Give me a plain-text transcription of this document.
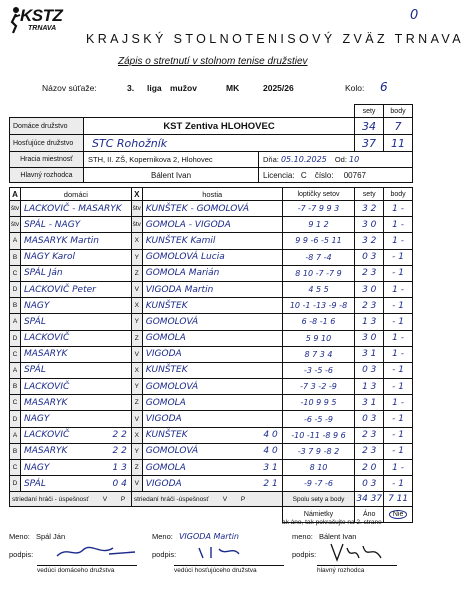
KSTZ
TRNAVA
0
KRAJSKÝ STOLNOTENISOVÝ ZVÄZ TRNAVA
Zápis o stretnutí v stolnom tenise družstiev
Názov súťaže:	3. liga mužov	MK	2025/26	Kolo: 6
			sety	body
Domáce družstvo	KST Zentiva HLOHOVEC		34	7
Hosťujúce družstvo	STC Rohožník		37	11
Hracia miestnosť	STH, II. ZŠ, Kopernikova 2, Hlohovec	Dňa: 05.10.2025 Od: 10		
Hlavný rozhodca	Bálent Ivan	Licencia: C číslo: 00767		
A	domáci	X	hostia	loptičky setov	sety	body
štv	LACKOVIČ - MASARYK	štv	KUNŠTEK - GOMOLOVÁ	-7 -7 9 9 3	3 2	1 -
štv	SPÁL - NAGY	štv	GOMOLA - VIGODA	9 1 2	3 0	1 -
A	MASARYK Martin	X	KUNŠTEK Kamil	9 9 -6 -5 11	3 2	1 -
B	NAGY Karol	Y	GOMOLOVÁ Lucia	-8 7 -4	0 3	- 1
C	SPÁL Ján	Z	GOMOLA Marián	8 10 -7 -7 9	2 3	- 1
D	LACKOVIČ Peter	V	VIGODA Martin	4 5 5	3 0	1 -
B	NAGY	X	KUNŠTEK	10 -1 -13 -9 -8	2 3	- 1
A	SPÁL	Y	GOMOLOVÁ	6 -8 -1 6	1 3	- 1
D	LACKOVIČ	Z	GOMOLA	5 9 10	3 0	1 -
C	MASARYK	V	VIGODA	8 7 3 4	3 1	1 -
A	SPÁL	X	KUNŠTEK	-3 -5 -6	0 3	- 1
B	LACKOVIČ	Y	GOMOLOVÁ	-7 3 -2 -9	1 3	- 1
C	MASARYK	Z	GOMOLA	-10 9 9 5	3 1	1 -
D	NAGY	V	VIGODA	-6 -5 -9	0 3	- 1
A	LACKOVIČ 2 2	X	KUNŠTEK 4 0	-10 -11 -8 9 6	2 3	- 1
B	MASARYK 2 2	Y	GOMOLOVÁ 4 0	-3 7 9 -8 2	2 3	- 1
C	NAGY 1 3	Z	GOMOLA 3 1	8 10	2 0	1 -
D	SPÁL 0 4	V	VIGODA 2 1	-9 -7 -6	0 3	- 1
striedaní hráči - úspešnosť V P		striedaní hráči -úspešnosť V P		Spolu sety a body	34 37	7 11
				Námietky	Áno	Nie
ak áno, tak pokračujte na 2. strane
Meno: Spál Ján
podpis:
vedúci domáceho družstva
Meno: VIGODA Martin
podpis:
vedúci hosťujúceho družstva
meno: Bálent Ivan
podpis:
hlavný rozhodca
